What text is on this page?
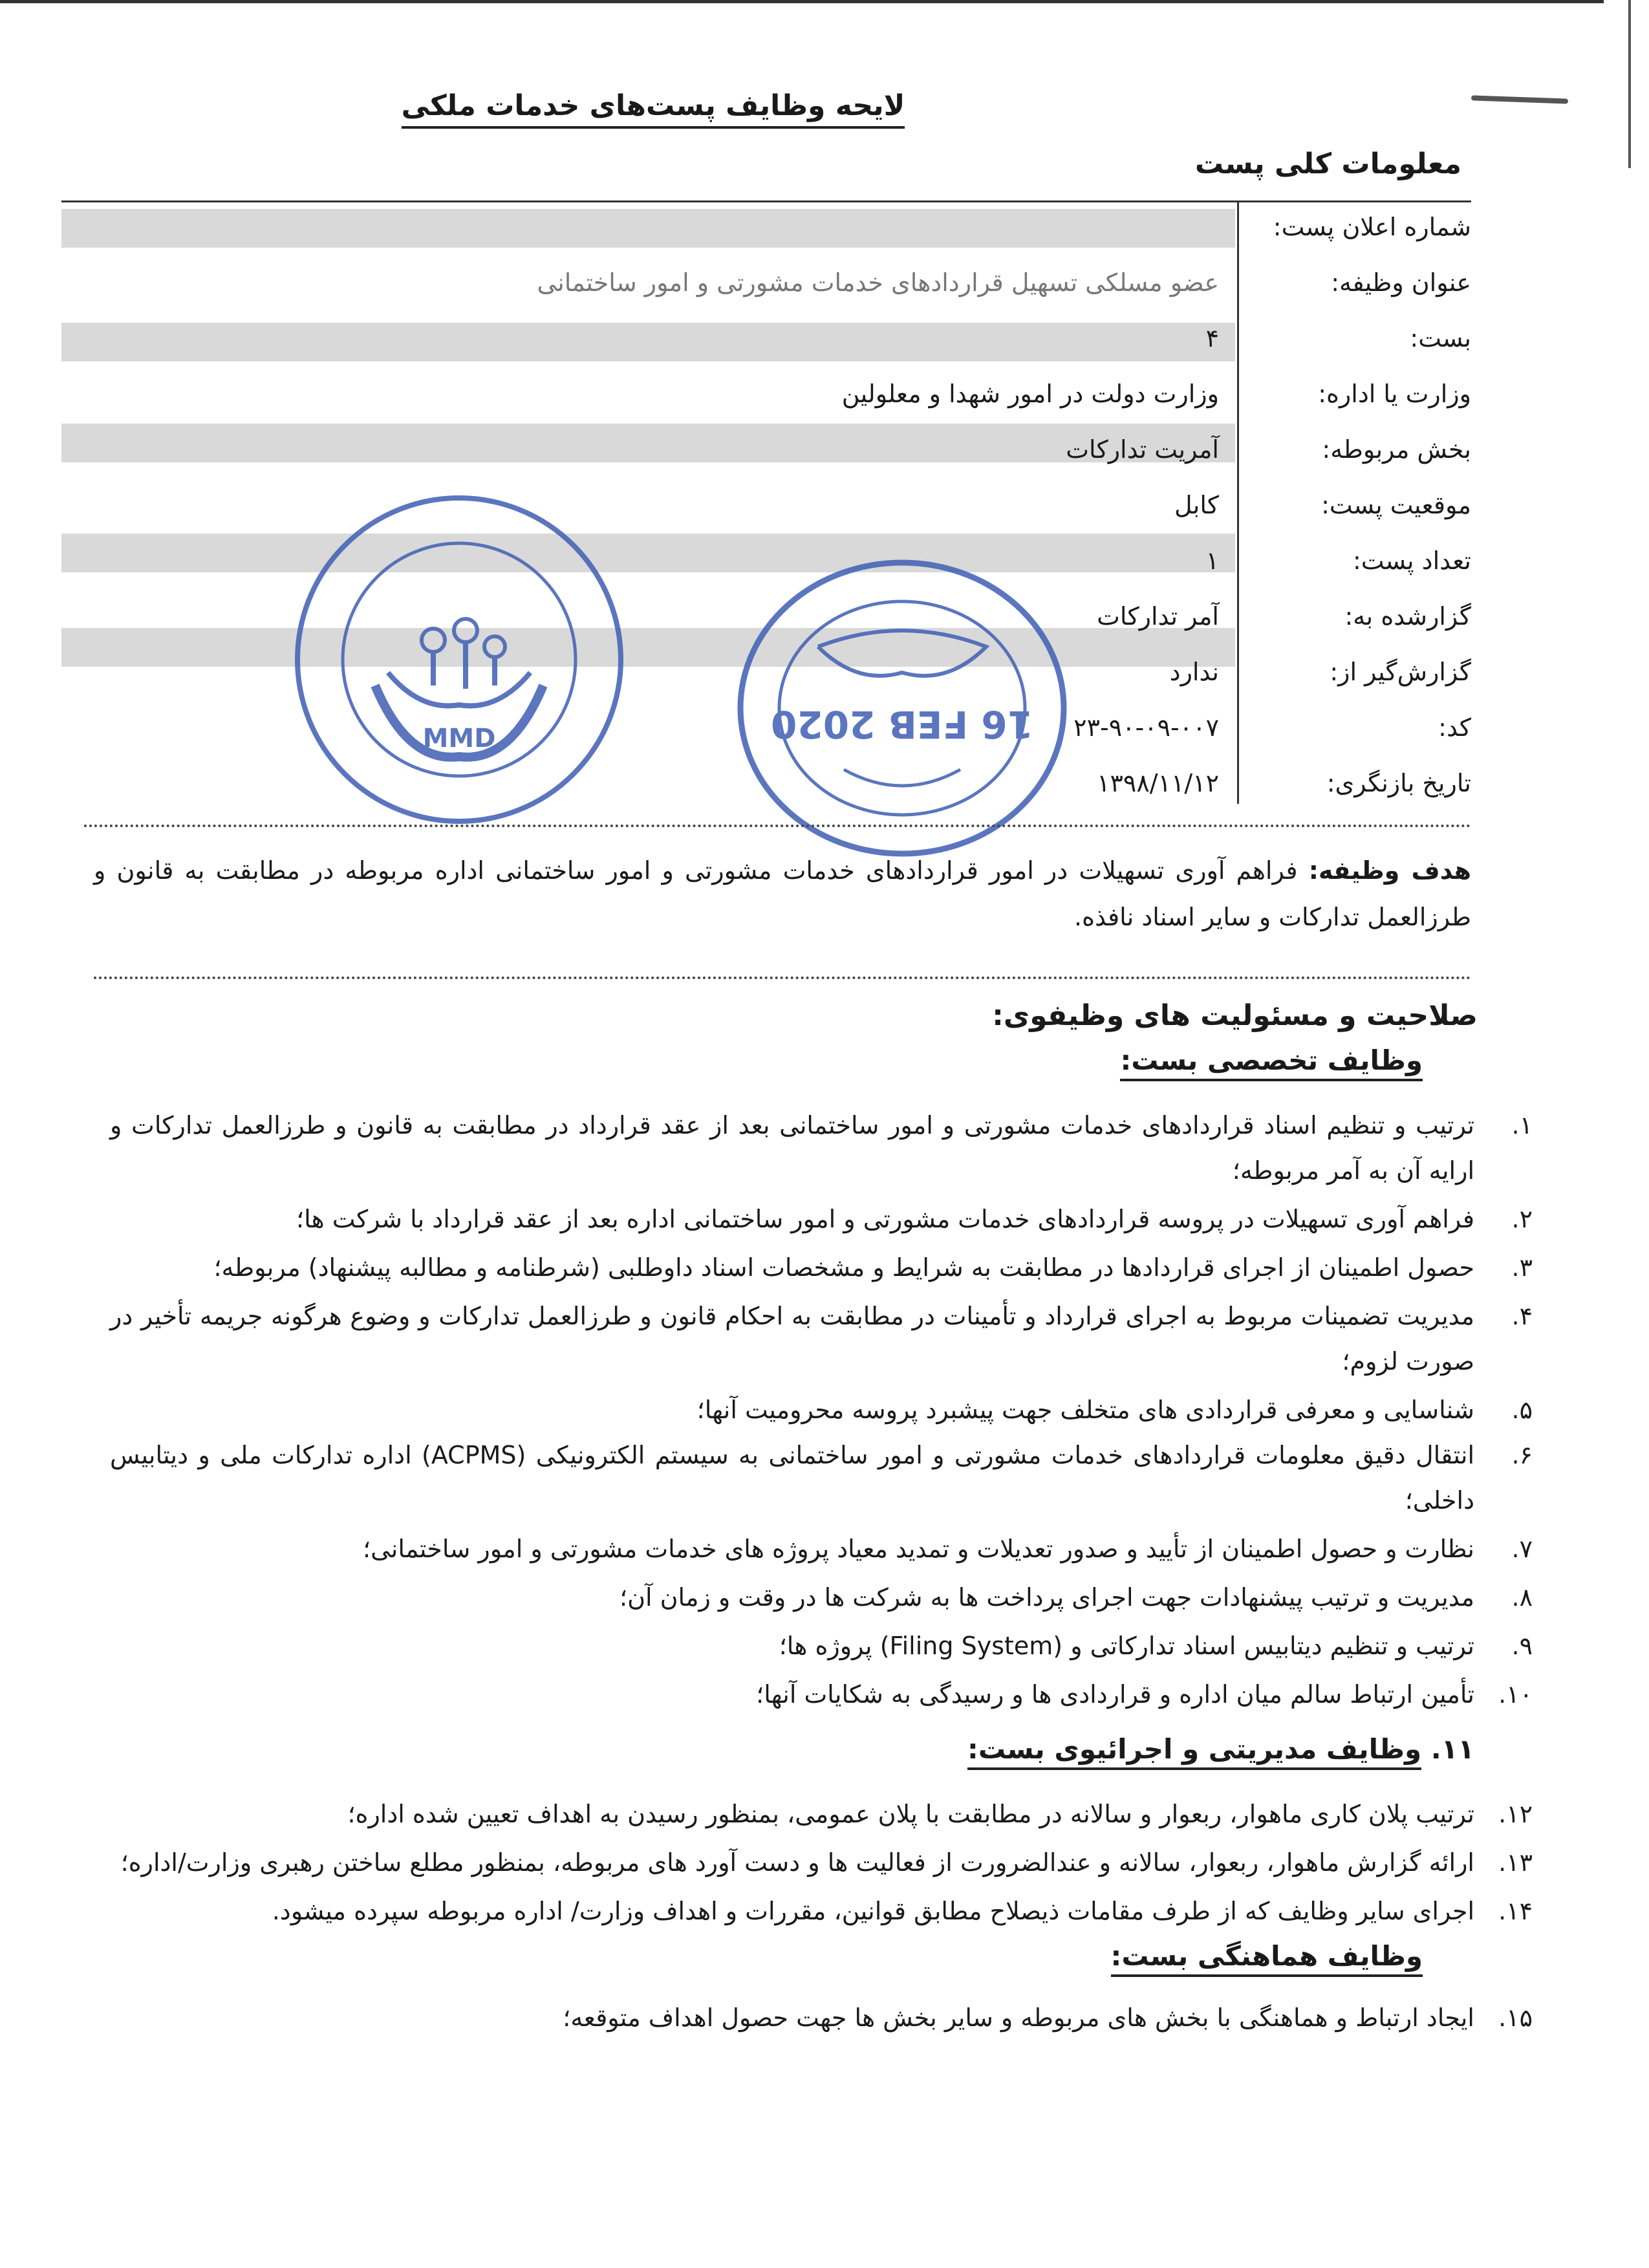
لایحه وظایف پست‌های خدمات ملکی
معلومات کلی پست
شماره اعلان پست:
عنوان وظیفه:
عضو مسلکی تسهیل قراردادهای خدمات مشورتی و امور ساختمانی
بست:
۴
وزارت یا اداره:
وزارت دولت در امور شهدا و معلولین
بخش مربوطه:
آمریت تدارکات
موقعیت پست:
کابل
تعداد پست:
۱
گزارشده به:
آمر تدارکات
گزارش‌گیر از:
ندارد
کد:
۲۳-۹۰-۰۹-۰۰۷
تاریخ بازنگری:
۱۳۹۸/۱۱/۱۲
MMD	16 FEB 2020
هدف وظیفه: فراهم آوری تسهیلات در امور قراردادهای خدمات مشورتی و امور ساختمانی اداره مربوطه در مطابقت به قانون و طرزالعمل تدارکات و سایر اسناد نافذه.
صلاحیت و مسئولیت های وظیفوی:
وظایف تخصصی بست:
۱.
ترتیب و تنظیم اسناد قراردادهای خدمات مشورتی و امور ساختمانی بعد از عقد قرارداد در مطابقت به قانون و طرزالعمل تدارکات و ارایه آن به آمر مربوطه؛
۲.
فراهم آوری تسهیلات در پروسه قراردادهای خدمات مشورتی و امور ساختمانی اداره بعد از عقد قرارداد با شرکت ها؛
۳.
حصول اطمینان از اجرای قراردادها در مطابقت به شرایط و مشخصات اسناد داوطلبی (شرطنامه و مطالبه پیشنهاد) مربوطه؛
۴.
مدیریت تضمینات مربوط به اجرای قرارداد و تأمینات در مطابقت به احکام قانون و طرزالعمل تدارکات و وضوع هرگونه جریمه تأخیر در صورت لزوم؛
۵.
شناسایی و معرفی قراردادی های متخلف جهت پیشبرد پروسه محرومیت آنها؛
۶.
انتقال دقیق معلومات قراردادهای خدمات مشورتی و امور ساختمانی به سیستم الکترونیکی (ACPMS) اداره تدارکات ملی و دیتابیس داخلی؛
۷.
نظارت و حصول اطمینان از تأیید و صدور تعدیلات و تمدید معیاد پروژه های خدمات مشورتی و امور ساختمانی؛
۸.
مدیریت و ترتیب پیشنهادات جهت اجرای پرداخت ها به شرکت ها در وقت و زمان آن؛
۹.
ترتیب و تنظیم دیتابیس اسناد تدارکاتی و (Filing System) پروژه ها؛
۱۰.
تأمین ارتباط سالم میان اداره و قراردادی ها و رسیدگی به شکایات آنها؛
۱۱. وظایف مدیریتی و اجرائیوی بست:
۱۲.
ترتیب پلان کاری ماهوار، ربعوار و سالانه در مطابقت با پلان عمومی، بمنظور رسیدن به اهداف تعیین شده اداره؛
۱۳.
ارائه گزارش ماهوار، ربعوار، سالانه و عندالضرورت از فعالیت ها و دست آورد های مربوطه، بمنظور مطلع ساختن رهبری وزارت/اداره؛
۱۴.
اجرای سایر وظایف که از طرف مقامات ذیصلاح مطابق قوانین، مقررات و اهداف وزارت/ اداره مربوطه سپرده میشود.
وظایف هماهنگی بست:
۱۵.
ایجاد ارتباط و هماهنگی با بخش های مربوطه و سایر بخش ها جهت حصول اهداف متوقعه؛
